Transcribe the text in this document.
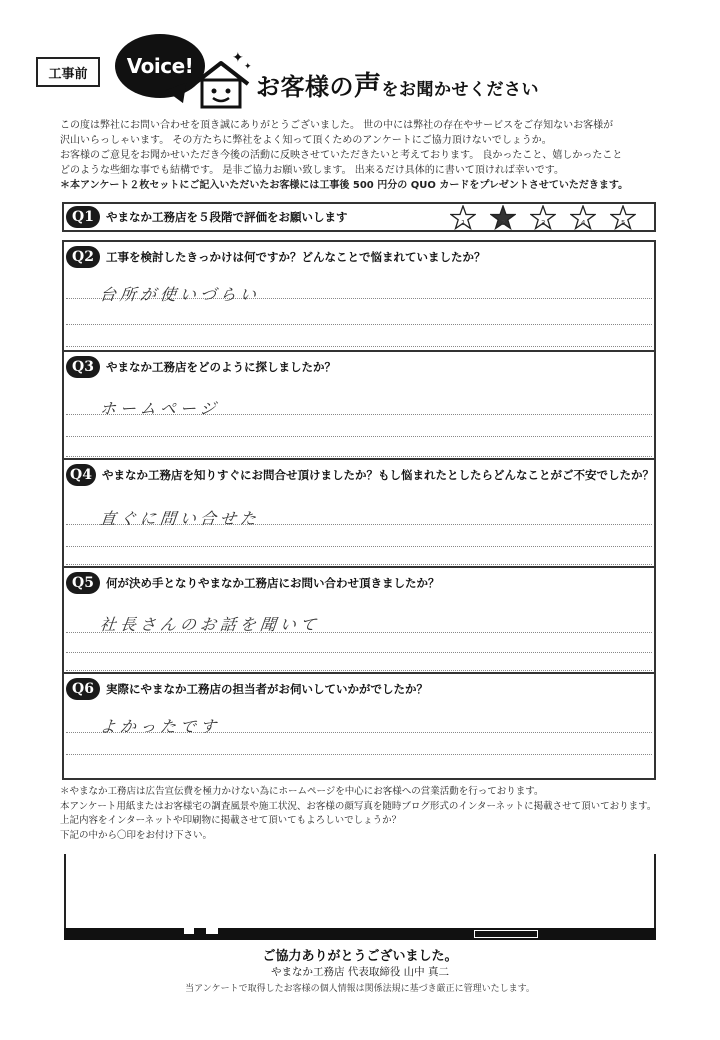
工事前	Voice!	✦
✦
お客様の声をお聞かせください

この度は弊社にお問い合わせを頂き誠にありがとうございました。 世の中には弊社の存在やサービスをご存知ないお客様が

沢山いらっしゃいます。 その方たちに弊社をよく知って頂くためのアンケートにご協力頂けないでしょうか。

お客様のご意見をお聞かせいただき今後の活動に反映させていただきたいと考えております。 良かったこと、嬉しかったこと

どのような些細な事でも結構です。 是非ご協力お願い致します。 出来るだけ具体的に書いて頂ければ幸いです。

＊本アンケート２枚セットにご記入いただいたお客様には工事後 500 円分の QUO カードをプレゼントさせていただきます。

Q1	やまなか工務店を５段階で評価をお願いします	1	2	3	4	5
Q2	工事を検討したきっかけは何ですか？どんなことで悩まれていましたか？
台所が使いづらい
Q3	やまなか工務店をどのように探しましたか？
ホームページ
Q4 やまなか工務店を知りすぐにお問合せ頂けましたか？もし悩まれたとしたらどんなことがご不安でしたか？
直ぐに問い合せた
Q5	何が決め手となりやまなか工務店にお問い合わせ頂きましたか？
社長さんのお話を聞いて
Q6	実際にやまなか工務店の担当者がお伺いしていかがでしたか？
よかったです

＊やまなか工務店は広告宣伝費を極力かけない為にホームページを中心にお客様への営業活動を行っております。

本アンケート用紙またはお客様宅の調査風景や施工状況、お客様の顔写真を随時ブログ形式のインターネットに掲載させて頂いております。

上記内容をインターネットや印刷物に掲載させて頂いてもよろしいでしょうか？

下記の中から〇印をお付け下さい。

ご協力ありがとうございました。
やまなか工務店 代表取締役 山中 真二
当アンケートで取得したお客様の個人情報は関係法規に基づき厳正に管理いたします。
